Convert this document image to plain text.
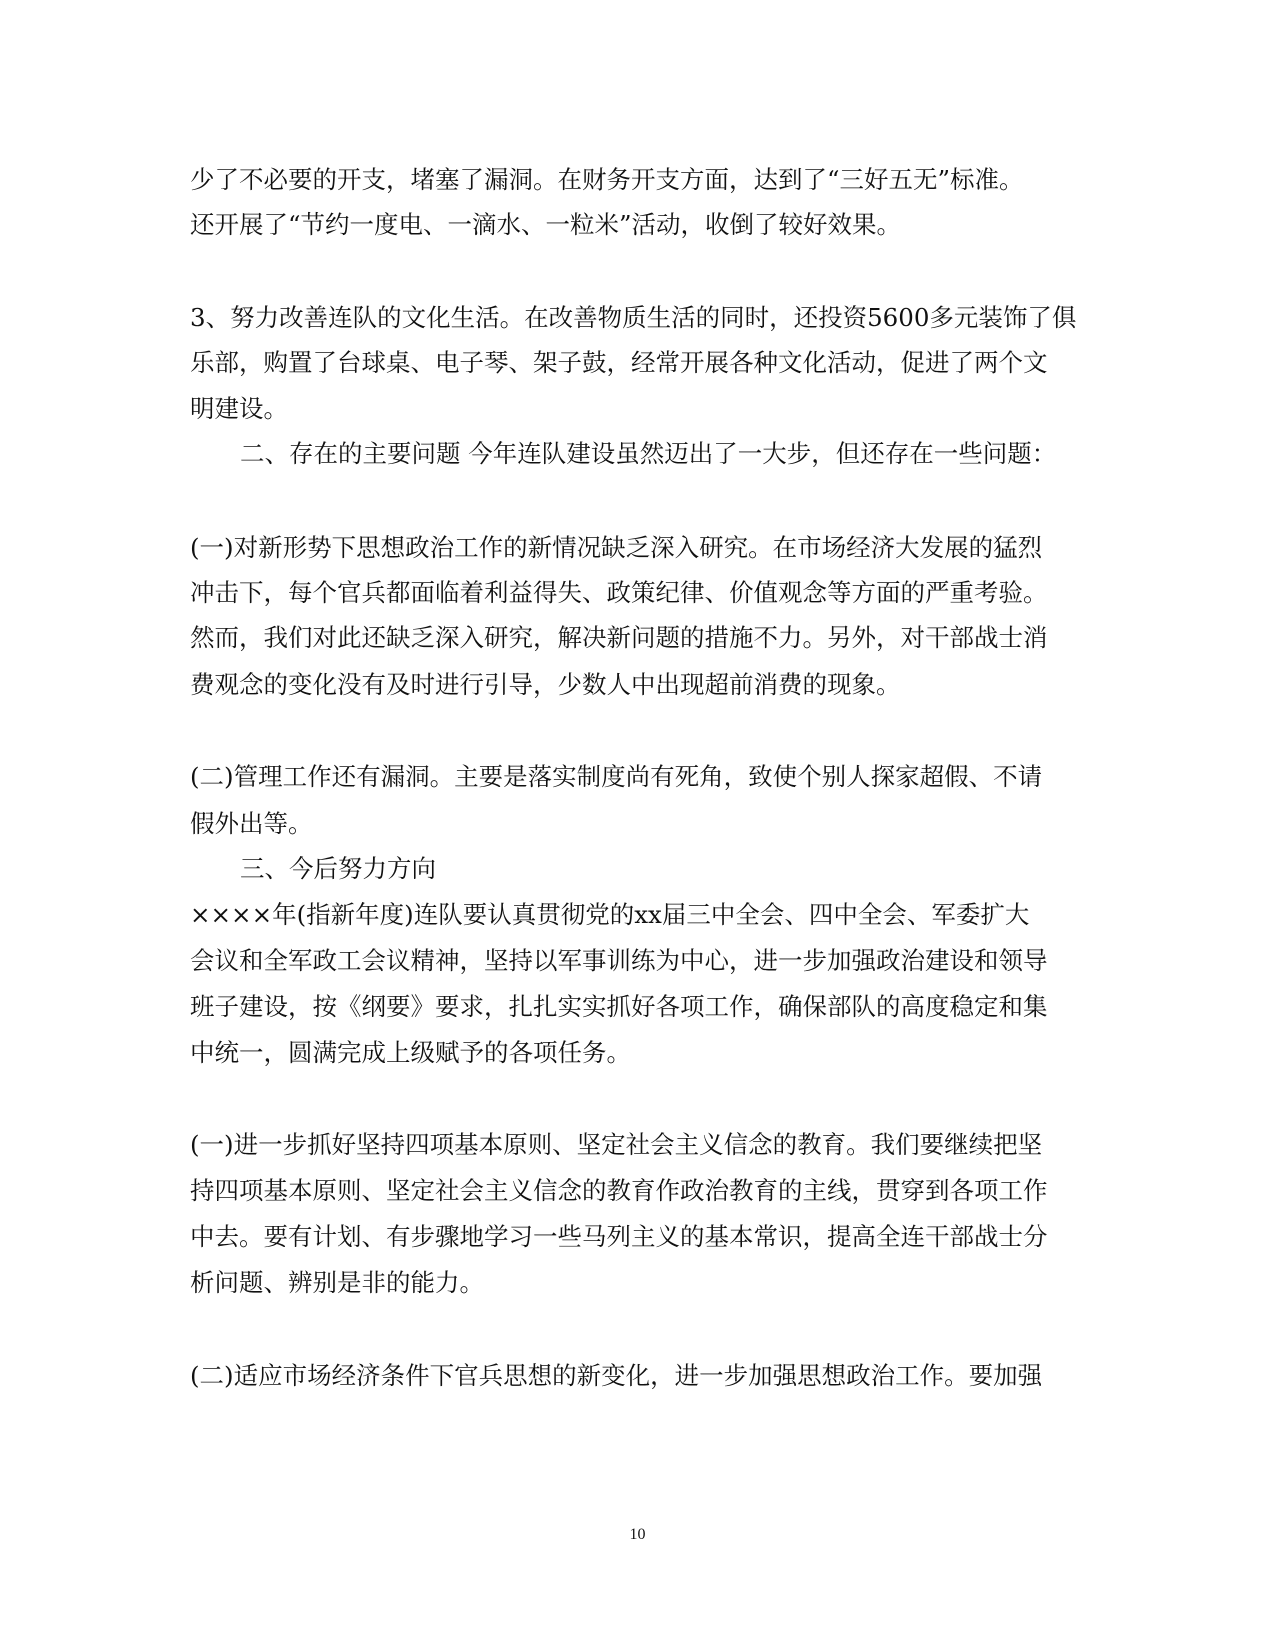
少了不必要的开支，堵塞了漏洞。在财务开支方面，达到了“三好五无”标准。
还开展了“节约一度电、一滴水、一粒米”活动，收倒了较好效果。
3、努力改善连队的文化生活。在改善物质生活的同时，还投资5600多元装饰了俱
乐部，购置了台球桌、电子琴、架子鼓，经常开展各种文化活动，促进了两个文
明建设。
二、存在的主要问题 今年连队建设虽然迈出了一大步，但还存在一些问题：
(一)对新形势下思想政治工作的新情况缺乏深入研究。在市场经济大发展的猛烈
冲击下，每个官兵都面临着利益得失、政策纪律、价值观念等方面的严重考验。
然而，我们对此还缺乏深入研究，解决新问题的措施不力。另外，对干部战士消
费观念的变化没有及时进行引导，少数人中出现超前消费的现象。
(二)管理工作还有漏洞。主要是落实制度尚有死角，致使个别人探家超假、不请
假外出等。
三、今后努力方向
××××年(指新年度)连队要认真贯彻党的xx届三中全会、四中全会、军委扩大
会议和全军政工会议精神，坚持以军事训练为中心，进一步加强政治建设和领导
班子建设，按《纲要》要求，扎扎实实抓好各项工作，确保部队的高度稳定和集
中统一，圆满完成上级赋予的各项任务。
(一)进一步抓好坚持四项基本原则、坚定社会主义信念的教育。我们要继续把坚
持四项基本原则、坚定社会主义信念的教育作政治教育的主线，贯穿到各项工作
中去。要有计划、有步骤地学习一些马列主义的基本常识，提高全连干部战士分
析问题、辨别是非的能力。
(二)适应市场经济条件下官兵思想的新变化，进一步加强思想政治工作。要加强
10
